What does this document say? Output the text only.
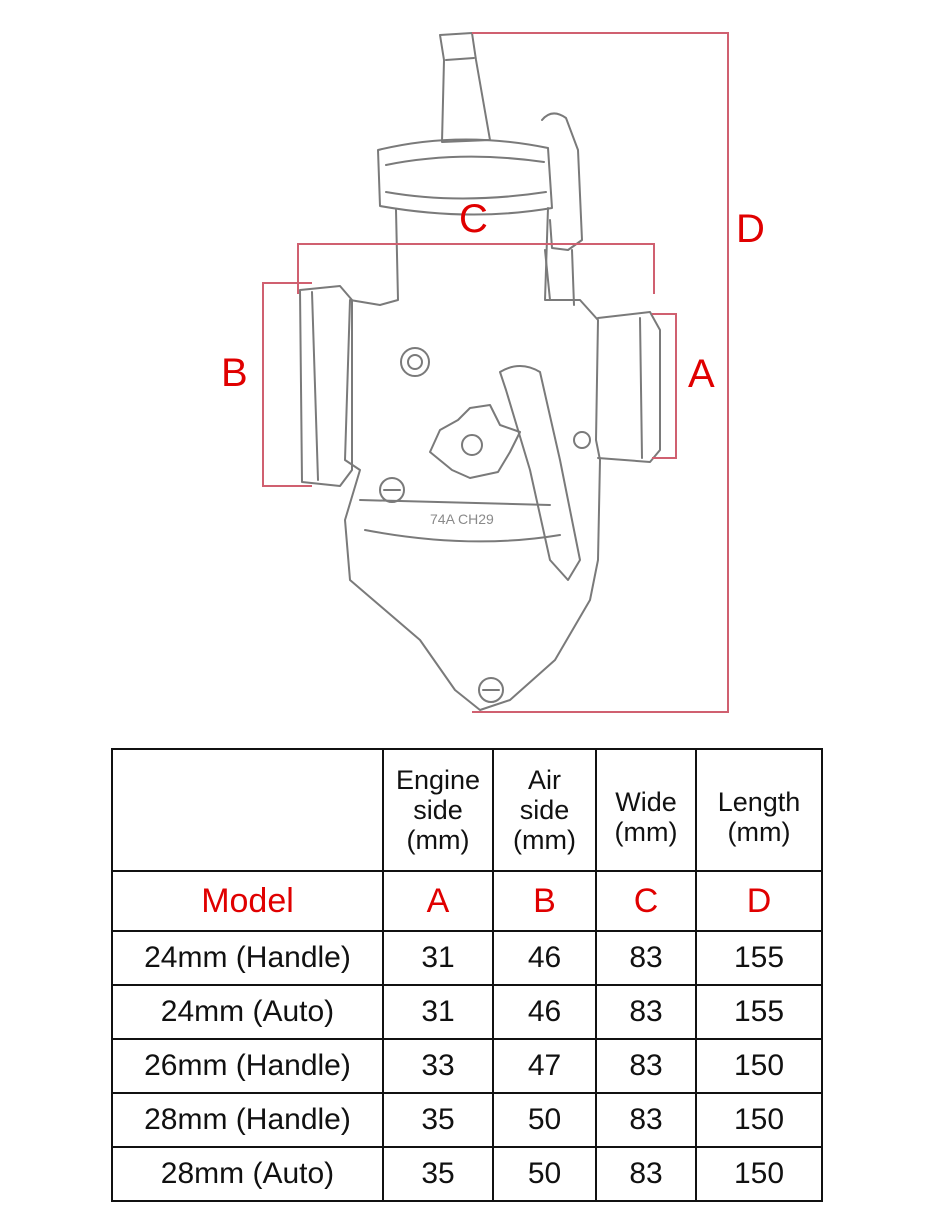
74A CH29
C	D
B	A

	Engine
side
(mm)	Air
side
(mm)	Wide
(mm)	Length
(mm)

Model	A	B	C	D
24mm (Handle)	31	46	83	155
24mm (Auto)	31	46	83	155
26mm (Handle)	33	47	83	150
28mm (Handle)	35	50	83	150
28mm (Auto)	35	50	83	150
